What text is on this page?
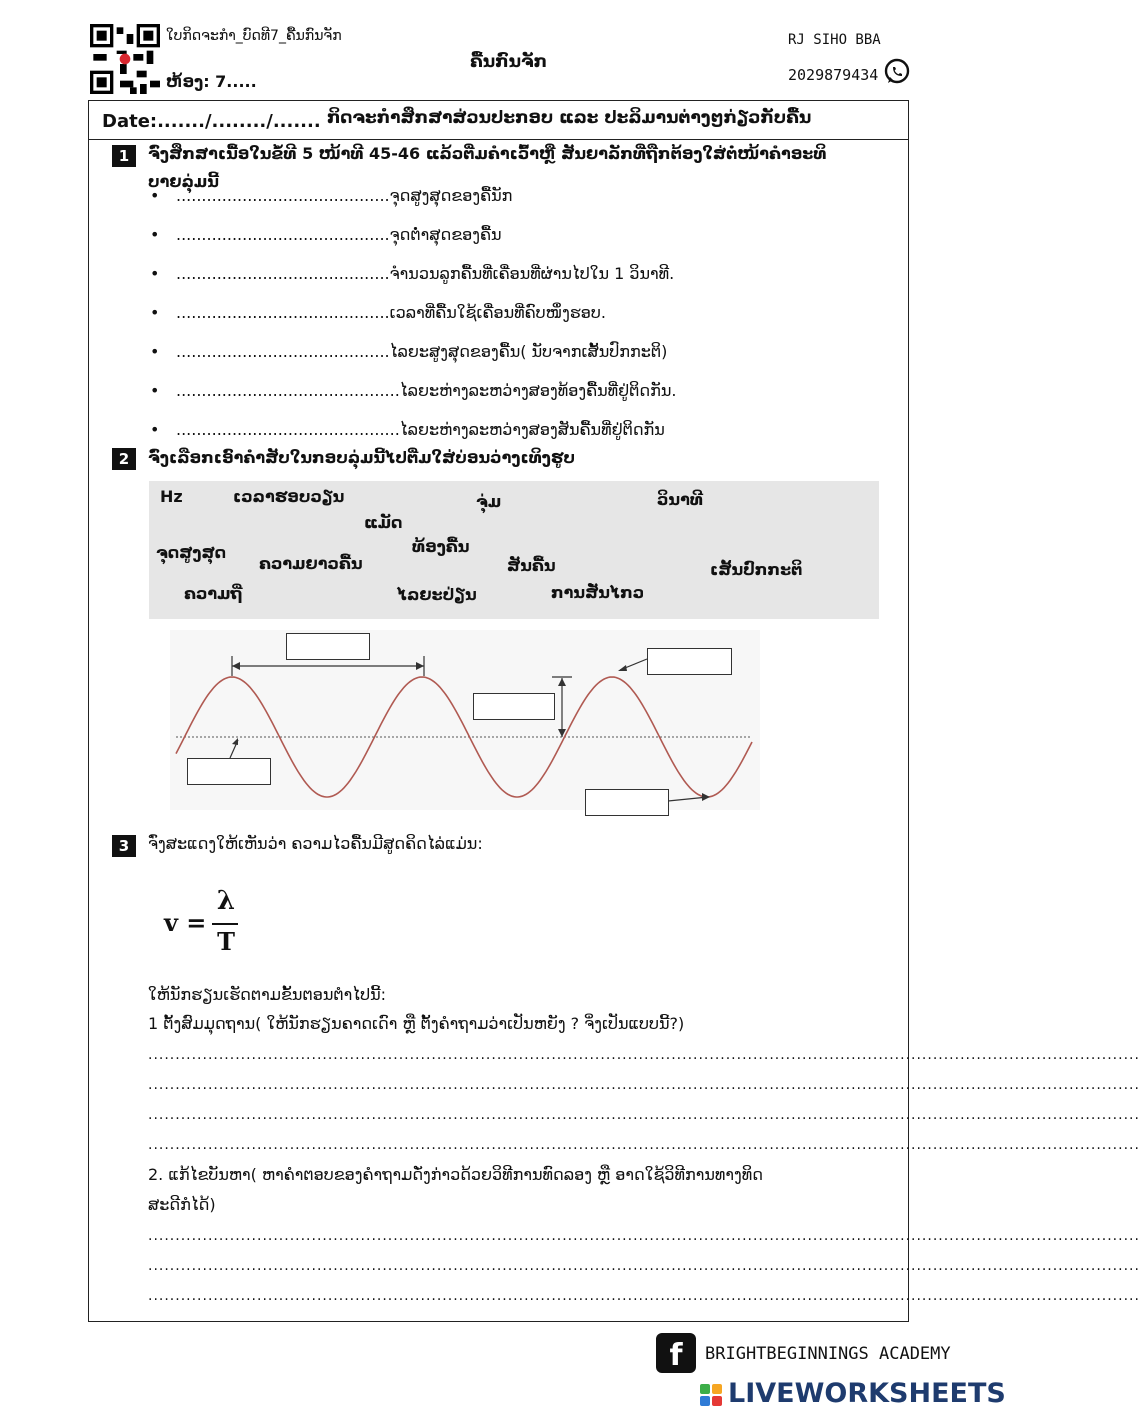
ໃບກິດຈະກຳ_ບົດທີ7_ຄື້ນກົນຈັກ
ຫ້ອງ: 7.....
ຄື້ນກົນຈັກ
RJ SIHO BBA
2029879434
Date:......./......../....... ກິດຈະກຳສຶກສາສ່ວນປະກອບ ແລະ ປະລິມານຕ່າງໆກ່ຽວກັບຄື້ນ
1	ຈົ່ງສຶກສາເນື້ອໃນຂໍ້ທີ 5 ໜ້າທີ 45-46 ແລ້ວຕື່ມຄຳເວົ້າຫຼື ສັນຍາລັກທີ່ຖືກຕ້ອງໃສ່ຕໍ່ໜ້າຄຳອະທິ
ບາຍລຸ່ມນີ້
•	.......................................... ຈຸດສູງສຸດຂອງຄື້ນັກ
•	.......................................... ຈຸດຕ່ຳສຸດຂອງຄື້ນ
•	.......................................... ຈຳນວນລູກຄື້ນທີ່ເຄື່ອນທີ່ຜ່ານໄປໃນ 1 ວິນາທີ.
•	.......................................... ເວລາທີ່ຄື້ນໃຊ້ເຄື່ອນທີ່ຄົບໜຶ່ງຮອບ.
•	.......................................... ໄລຍະສູງສຸດຂອງຄື້ນ( ນັບຈາກເສັ້ນປົກກະຕິ)
•	............................................ ໄລຍະຫ່າງລະຫວ່າງສອງທ້ອງຄື້ນທີ່ຢູ່ຕິດກັນ.
•	............................................ ໄລຍະຫ່າງລະຫວ່າງສອງສັນຄື້ນທີ່ຢູ່ຕິດກັນ
2	ຈົ່ງເລືອກເອົາຄຳສັບໃນກອບລຸ່ມນີ້ໄປຕື່ມໃສ່ບ່ອນວ່າງເທິງຮູບ
Hz	ເວລາຮອບວຽນ	ຈຸ່ມ	ວິນາທີ
ແມັດ
ຈຸດສູງສຸດ	ທ້ອງຄື້ນ
ຄວາມຍາວຄື້ນ	ສັນຄື້ນ	ເສັ້ນປົກກະຕິ
ຄວາມຖີ່	ໄລຍະປ່ຽນ	ການສັ່ນໄກວ
3	ຈົ່ງສະແດງໃຫ້ເຫັນວ່າ ຄວາມໄວຄື້ນມີສູດຄິດໄລ່ແມ່ນ:
v =
λ
T
ໃຫ້ນັກຮຽນເຮັດຕາມຂັ້ນຕອນຕຳໄປນີ້:
1 ຕັ້ງສົມມຸດຖານ( ໃຫ້ນັກຮຽນຄາດເດົາ ຫຼື ຕັ້ງຄຳຖາມວ່າເປັນຫຍັງ ? ຈິ່ງເປັນແບບນີ້?)
......................................................................................................................................................................................
......................................................................................................................................................................................
......................................................................................................................................................................................
......................................................................................................................................................................................
2. ແກ້ໄຂບັນຫາ( ຫາຄຳຕອບຂອງຄຳຖາມດັ່ງກ່າວດ້ວຍວິທີການທົດລອງ ຫຼື ອາດໃຊ້ວິທີການທາງທິດ
ສະດີກໍໄດ້)
......................................................................................................................................................................................
......................................................................................................................................................................................
......................................................................................................................................................................................
f	BRIGHTBEGINNINGS ACADEMY
LIVEWORKSHEETS
